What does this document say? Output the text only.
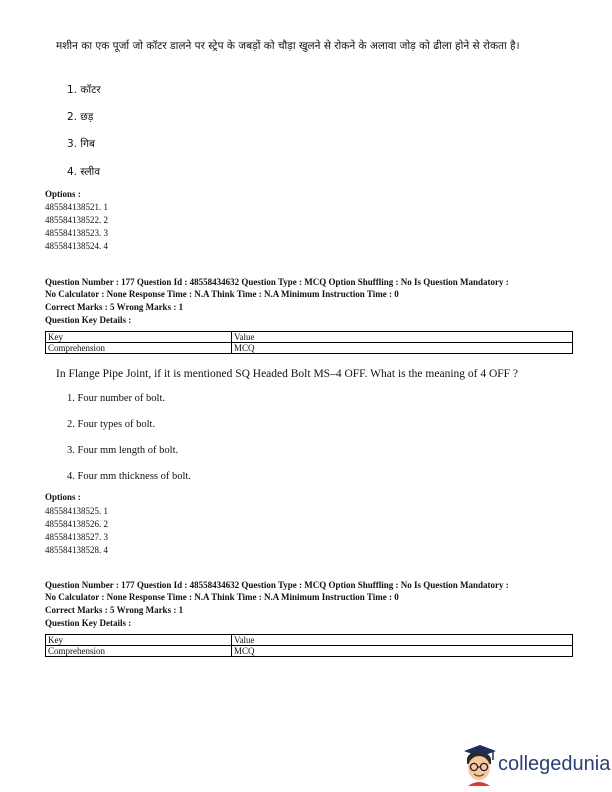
मशीन का एक पूर्जा जो कॉटर डालने पर स्ट्रेप के जबड़ों को चौड़ा खुलने से रोकने के अलावा जोड़ को ढीला होने से रोकता है।
1. कॉटर
2. छड़
3. गिब
4. स्लीव
Options :
485584138521. 1
485584138522. 2
485584138523. 3
485584138524. 4
Question Number : 177 Question Id : 48558434632 Question Type : MCQ Option Shuffling : No Is Question Mandatory :
No Calculator : None Response Time : N.A Think Time : N.A Minimum Instruction Time : 0
Correct Marks : 5 Wrong Marks : 1
Question Key Details :
Key	Value
Comprehension	MCQ
In Flange Pipe Joint, if it is mentioned SQ Headed Bolt MS–4 OFF. What is the meaning of 4 OFF ?
1. Four number of bolt.
2. Four types of bolt.
3. Four mm length of bolt.
4. Four mm thickness of bolt.
Options :
485584138525. 1
485584138526. 2
485584138527. 3
485584138528. 4
Question Number : 177 Question Id : 48558434632 Question Type : MCQ Option Shuffling : No Is Question Mandatory :
No Calculator : None Response Time : N.A Think Time : N.A Minimum Instruction Time : 0
Correct Marks : 5 Wrong Marks : 1
Question Key Details :
Key	Value
Comprehension	MCQ
collegedunia
